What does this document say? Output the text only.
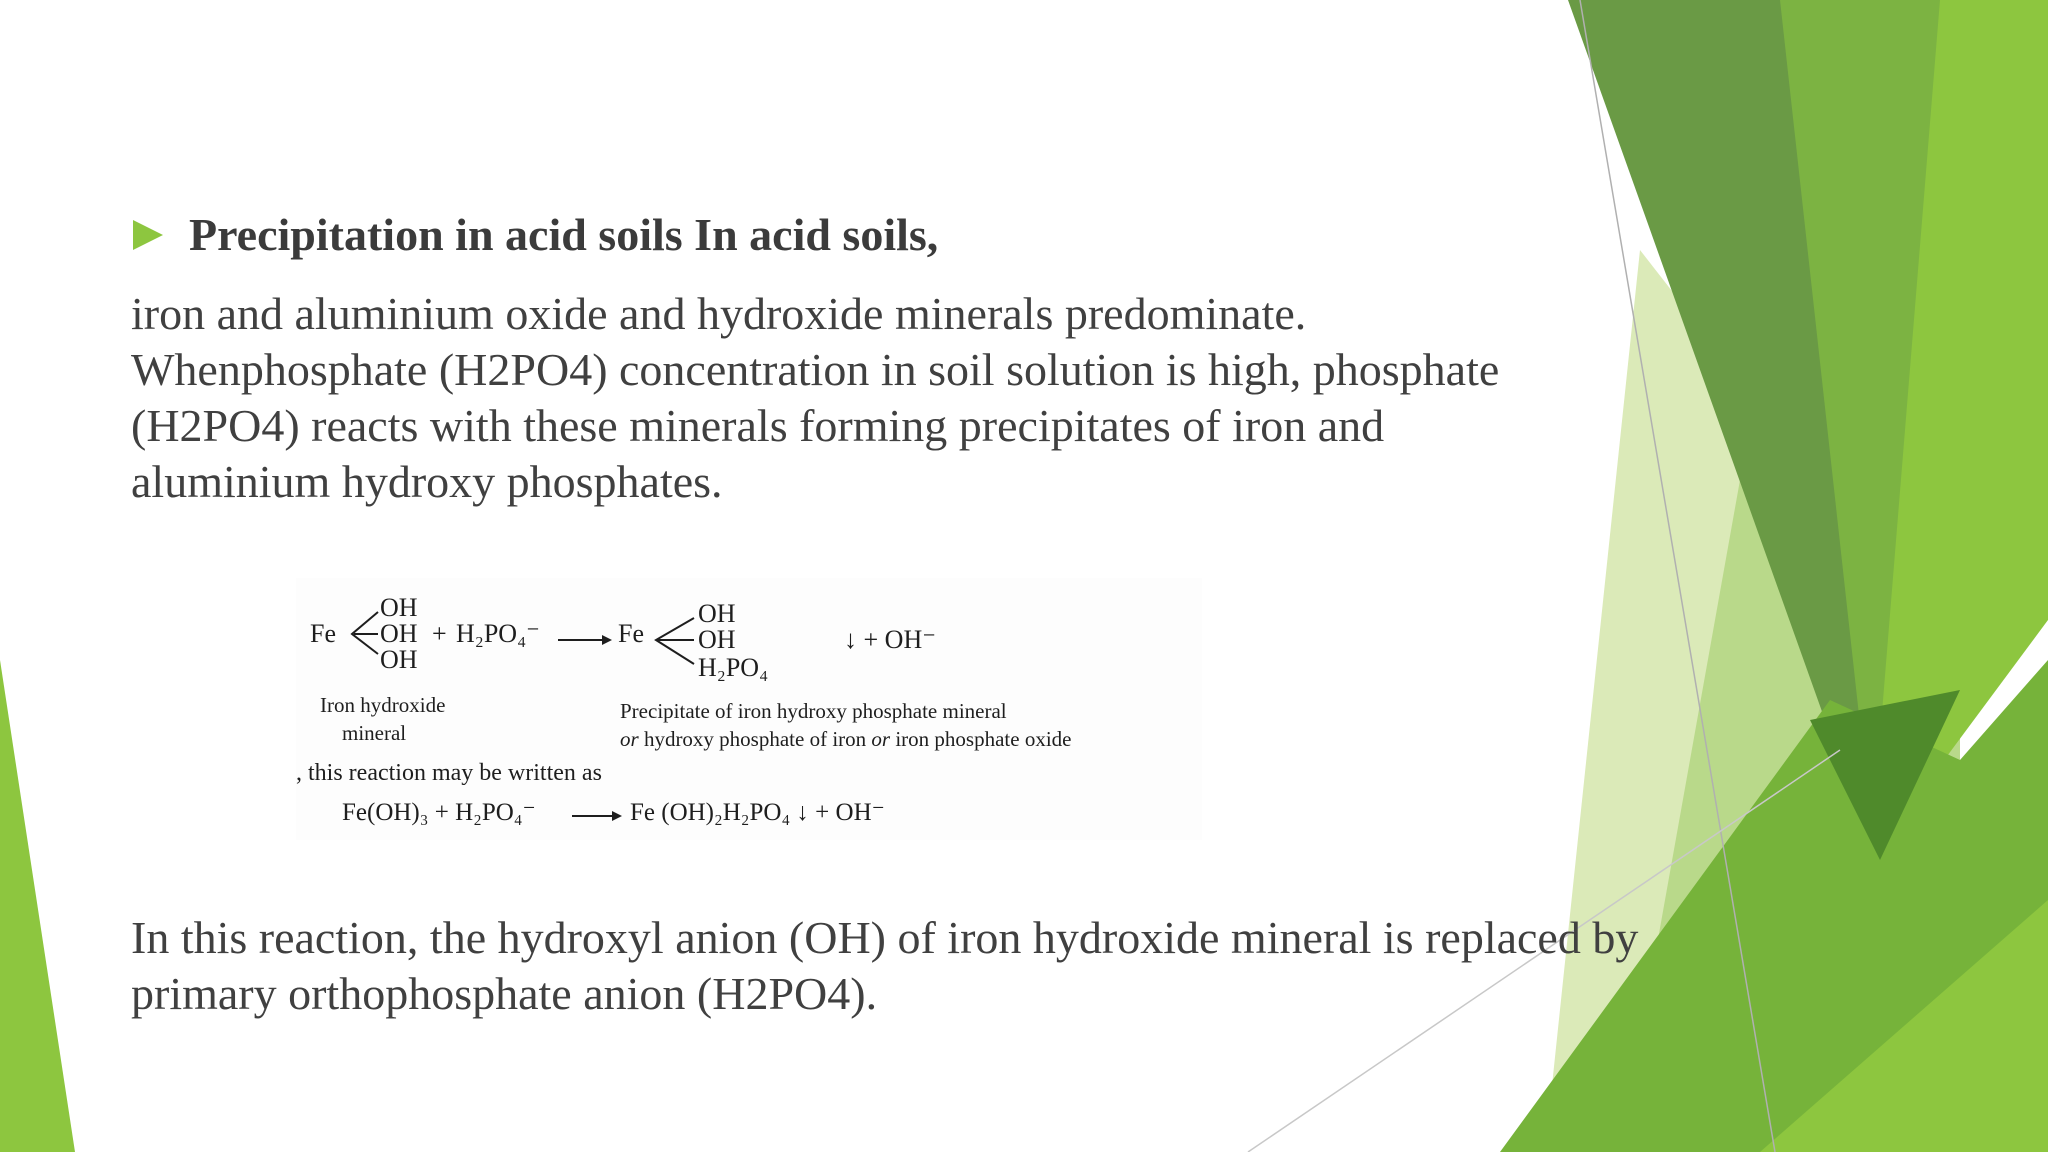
Precipitation in acid soils In acid soils,
iron and aluminium oxide and hydroxide minerals predominate.
Whenphosphate (H2PO4) concentration in soil solution is high, phosphate
(H2PO4) reacts with these minerals forming precipitates of iron and
aluminium hydroxy phosphates.
Fe
OH
OH
OH
+ H₂PO₄⁻	Fe
OH
OH
H₂PO₄
↓ + OH⁻
Iron hydroxide
mineral
Precipitate of iron hydroxy phosphate mineral
or hydroxy phosphate of iron or iron phosphate oxide
, this reaction may be written as
Fe(OH)₃ + H₂PO₄⁻	Fe (OH)₂H₂PO₄ ↓ + OH⁻
In this reaction, the hydroxyl anion (OH) of iron hydroxide mineral is replaced by primary orthophosphate anion (H2PO4).
